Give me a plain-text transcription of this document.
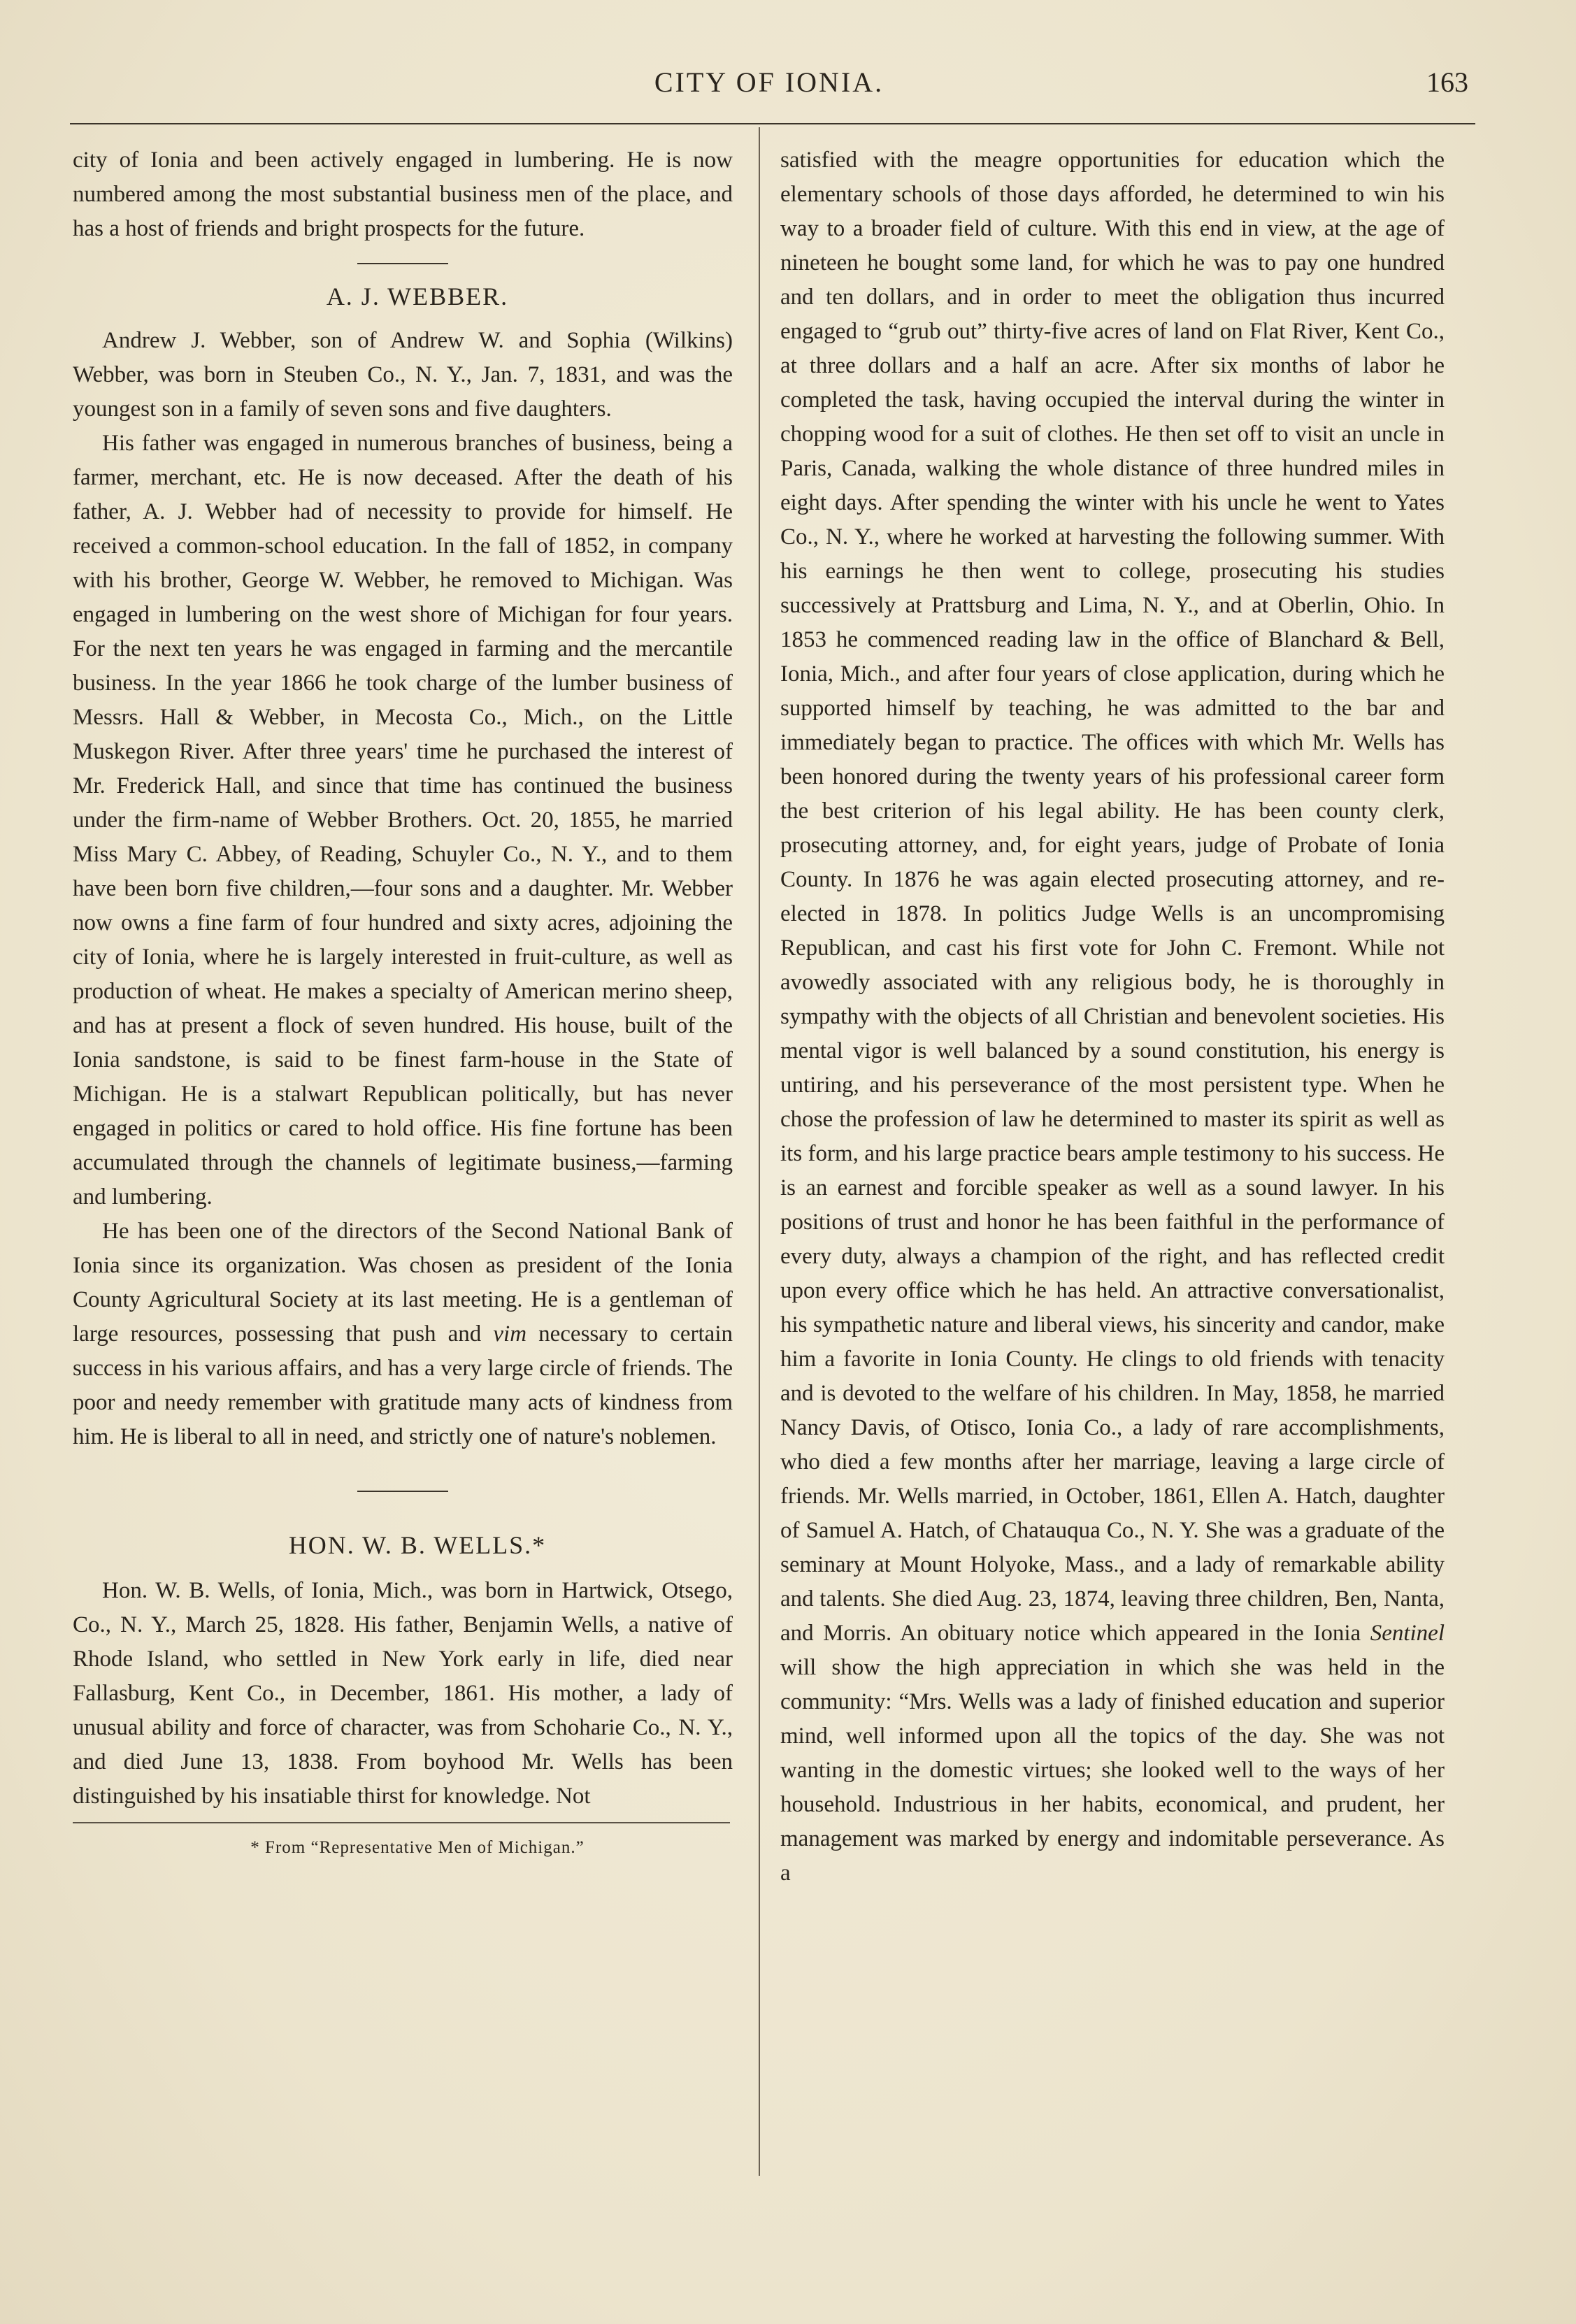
CITY OF IONIA.	163

city of Ionia and been actively engaged in lumbering. He is now numbered among the most substantial business men of the place, and has a host of friends and bright prospects for the future.

A. J. WEBBER.

Andrew J. Webber, son of Andrew W. and Sophia (Wilkins) Webber, was born in Steuben Co., N. Y., Jan. 7, 1831, and was the youngest son in a family of seven sons and five daughters.

His father was engaged in numerous branches of business, being a farmer, merchant, etc. He is now deceased. After the death of his father, A. J. Webber had of necessity to provide for himself. He received a common-school education. In the fall of 1852, in company with his brother, George W. Webber, he removed to Michigan. Was engaged in lumbering on the west shore of Michigan for four years. For the next ten years he was engaged in farming and the mercantile business. In the year 1866 he took charge of the lumber business of Messrs. Hall & Webber, in Mecosta Co., Mich., on the Little Muskegon River. After three years' time he purchased the interest of Mr. Frederick Hall, and since that time has continued the business under the firm-name of Webber Brothers. Oct. 20, 1855, he married Miss Mary C. Abbey, of Reading, Schuyler Co., N. Y., and to them have been born five children,—four sons and a daughter. Mr. Webber now owns a fine farm of four hundred and sixty acres, adjoining the city of Ionia, where he is largely interested in fruit-culture, as well as production of wheat. He makes a specialty of American merino sheep, and has at present a flock of seven hundred. His house, built of the Ionia sandstone, is said to be finest farm-house in the State of Michigan. He is a stalwart Republican politically, but has never engaged in politics or cared to hold office. His fine fortune has been accumulated through the channels of legitimate business,—farming and lumbering.

He has been one of the directors of the Second National Bank of Ionia since its organization. Was chosen as president of the Ionia County Agricultural Society at its last meeting. He is a gentleman of large resources, possessing that push and vim necessary to certain success in his various affairs, and has a very large circle of friends. The poor and needy remember with gratitude many acts of kindness from him. He is liberal to all in need, and strictly one of nature's noblemen.

HON. W. B. WELLS.*

Hon. W. B. Wells, of Ionia, Mich., was born in Hartwick, Otsego, Co., N. Y., March 25, 1828. His father, Benjamin Wells, a native of Rhode Island, who settled in New York early in life, died near Fallasburg, Kent Co., in December, 1861. His mother, a lady of unusual ability and force of character, was from Schoharie Co., N. Y., and died June 13, 1838. From boyhood Mr. Wells has been distinguished by his insatiable thirst for knowledge. Not

* From “Representative Men of Michigan.”

satisfied with the meagre opportunities for education which the elementary schools of those days afforded, he determined to win his way to a broader field of culture. With this end in view, at the age of nineteen he bought some land, for which he was to pay one hundred and ten dollars, and in order to meet the obligation thus incurred engaged to “grub out” thirty-five acres of land on Flat River, Kent Co., at three dollars and a half an acre. After six months of labor he completed the task, having occupied the interval during the winter in chopping wood for a suit of clothes. He then set off to visit an uncle in Paris, Canada, walking the whole distance of three hundred miles in eight days. After spending the winter with his uncle he went to Yates Co., N. Y., where he worked at harvesting the following summer. With his earnings he then went to college, prosecuting his studies successively at Prattsburg and Lima, N. Y., and at Oberlin, Ohio. In 1853 he commenced reading law in the office of Blanchard & Bell, Ionia, Mich., and after four years of close application, during which he supported himself by teaching, he was admitted to the bar and immediately began to practice. The offices with which Mr. Wells has been honored during the twenty years of his professional career form the best criterion of his legal ability. He has been county clerk, prosecuting attorney, and, for eight years, judge of Probate of Ionia County. In 1876 he was again elected prosecuting attorney, and re-elected in 1878. In politics Judge Wells is an uncompromising Republican, and cast his first vote for John C. Fremont. While not avowedly associated with any religious body, he is thoroughly in sympathy with the objects of all Christian and benevolent societies. His mental vigor is well balanced by a sound constitution, his energy is untiring, and his perseverance of the most persistent type. When he chose the profession of law he determined to master its spirit as well as its form, and his large practice bears ample testimony to his success. He is an earnest and forcible speaker as well as a sound lawyer. In his positions of trust and honor he has been faithful in the performance of every duty, always a champion of the right, and has reflected credit upon every office which he has held. An attractive conversationalist, his sympathetic nature and liberal views, his sincerity and candor, make him a favorite in Ionia County. He clings to old friends with tenacity and is devoted to the welfare of his children. In May, 1858, he married Nancy Davis, of Otisco, Ionia Co., a lady of rare accomplishments, who died a few months after her marriage, leaving a large circle of friends. Mr. Wells married, in October, 1861, Ellen A. Hatch, daughter of Samuel A. Hatch, of Chatauqua Co., N. Y. She was a graduate of the seminary at Mount Holyoke, Mass., and a lady of remarkable ability and talents. She died Aug. 23, 1874, leaving three children, Ben, Nanta, and Morris. An obituary notice which appeared in the Ionia Sentinel will show the high appreciation in which she was held in the community: “Mrs. Wells was a lady of finished education and superior mind, well informed upon all the topics of the day. She was not wanting in the domestic virtues; she looked well to the ways of her household. Industrious in her habits, economical, and prudent, her management was marked by energy and indomitable perseverance. As a
